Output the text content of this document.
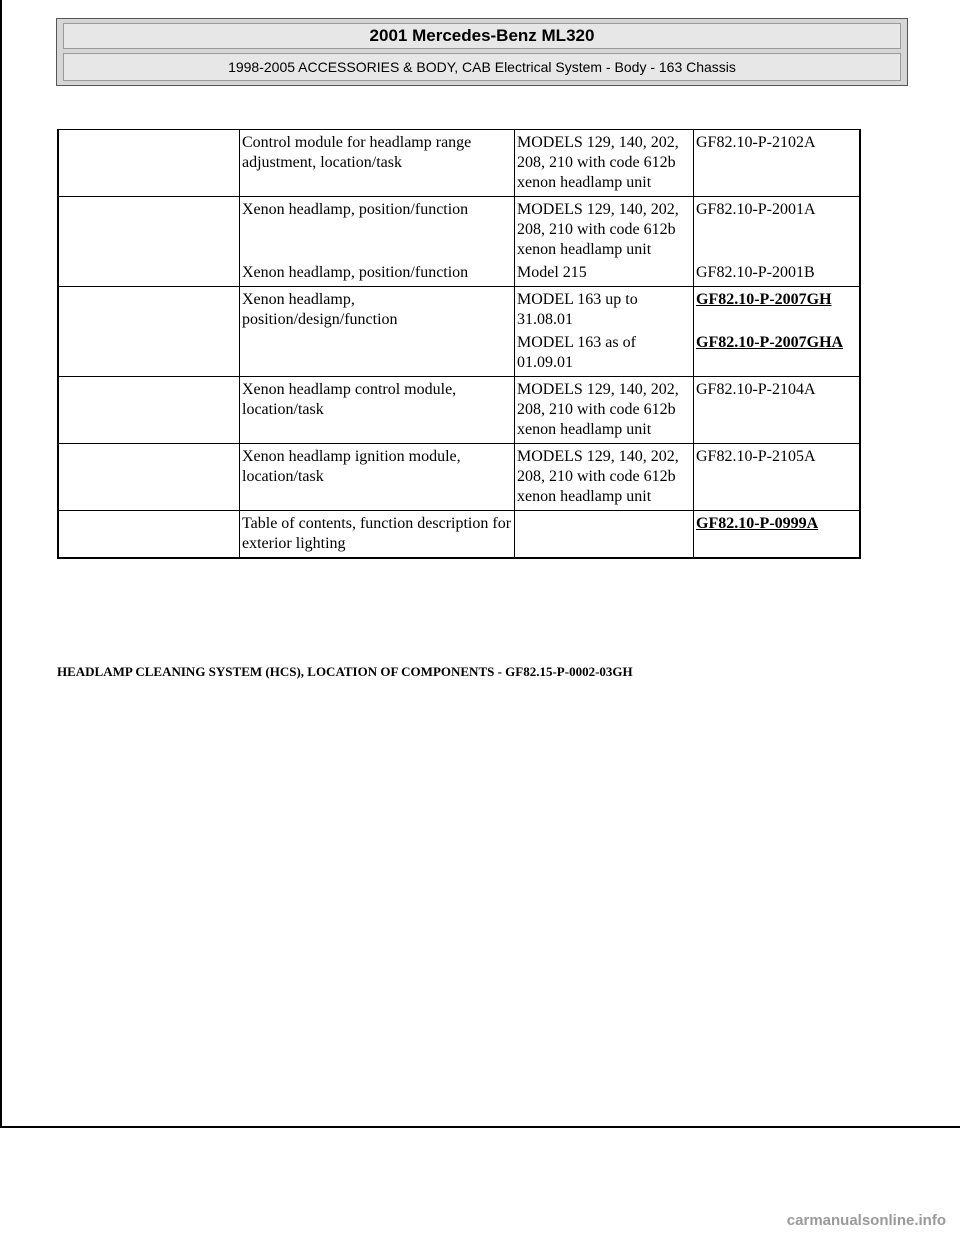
2001 Mercedes-Benz ML320
1998-2005 ACCESSORIES & BODY, CAB Electrical System - Body - 163 Chassis
	Control module for headlamp range adjustment, location/task	MODELS 129, 140, 202, 208, 210 with code 612b xenon headlamp unit	GF82.10-P-2102A
	Xenon headlamp, position/function	MODELS 129, 140, 202, 208, 210 with code 612b xenon headlamp unit	GF82.10-P-2001A
	Xenon headlamp, position/function	Model 215	GF82.10-P-2001B
	Xenon headlamp, position/design/function	MODEL 163 up to 31.08.01	GF82.10-P-2007GH
		MODEL 163 as of 01.09.01	GF82.10-P-2007GHA
	Xenon headlamp control module, location/task	MODELS 129, 140, 202, 208, 210 with code 612b xenon headlamp unit	GF82.10-P-2104A
	Xenon headlamp ignition module, location/task	MODELS 129, 140, 202, 208, 210 with code 612b xenon headlamp unit	GF82.10-P-2105A
	Table of contents, function description for exterior lighting		GF82.10-P-0999A
HEADLAMP CLEANING SYSTEM (HCS), LOCATION OF COMPONENTS - GF82.15-P-0002-03GH
carmanualsonline.info
